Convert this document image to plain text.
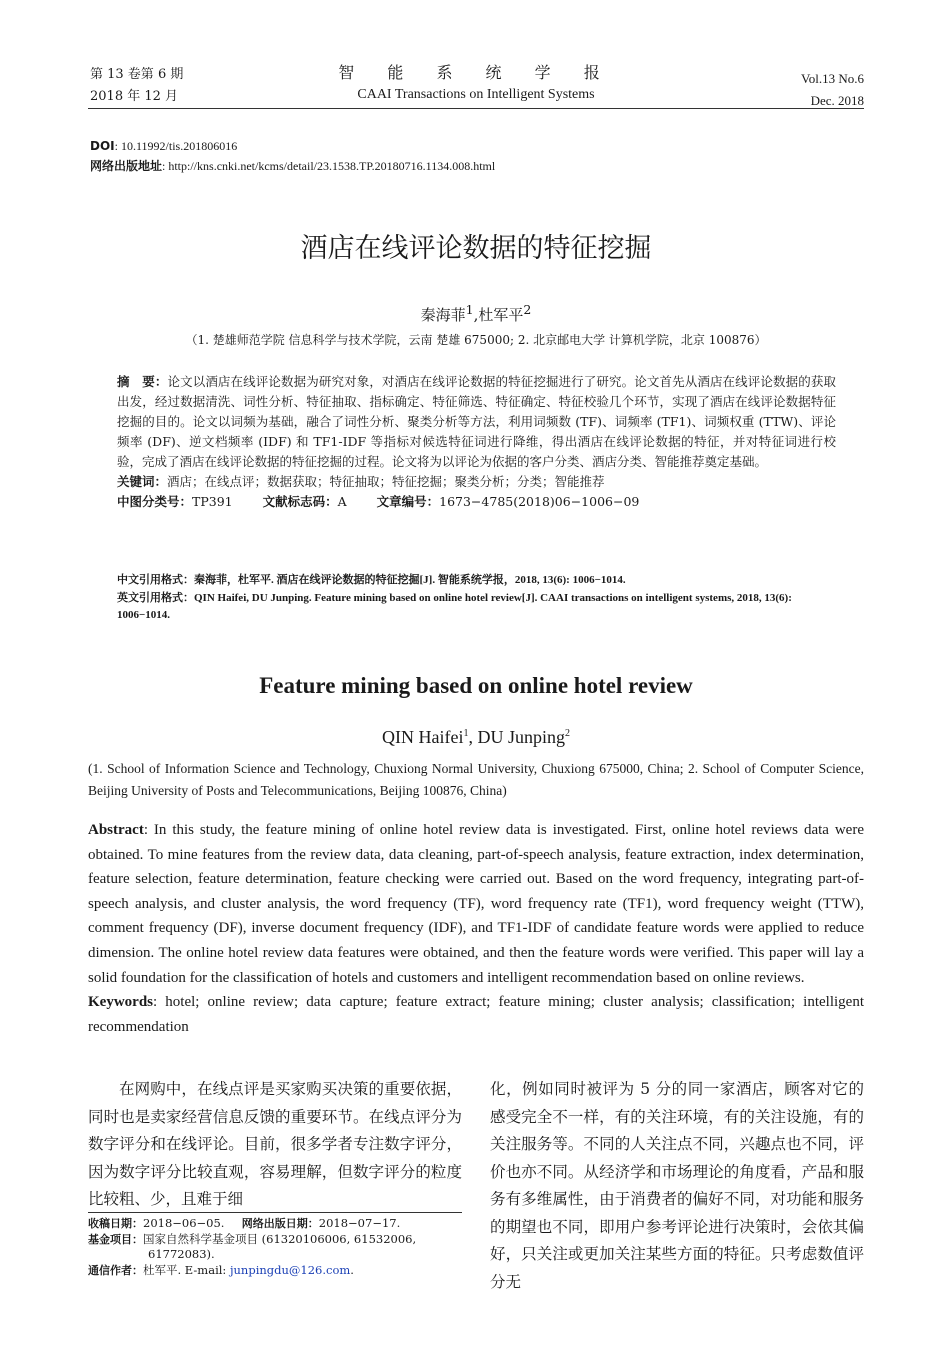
第 13 卷第 6 期
2018 年 12 月
智 能 系 统 学 报
CAAI Transactions on Intelligent Systems
Vol.13 No.6
Dec. 2018
DOI: 10.11992/tis.201806016
网络出版地址: http://kns.cnki.net/kcms/detail/23.1538.TP.20180716.1134.008.html
酒店在线评论数据的特征挖掘
秦海菲$^1$,杜军平$^2$
（1. 楚雄师范学院 信息科学与技术学院，云南 楚雄 675000; 2. 北京邮电大学 计算机学院，北京 100876）
摘　要：论文以酒店在线评论数据为研究对象，对酒店在线评论数据的特征挖掘进行了研究。论文首先从酒店在线评论数据的获取出发，经过数据清洗、词性分析、特征抽取、指标确定、特征筛选、特征确定、特征校验几个环节，实现了酒店在线评论数据特征挖掘的目的。论文以词频为基础，融合了词性分析、聚类分析等方法，利用词频数 (TF)、词频率 (TF1)、词频权重 (TTW)、评论频率 (DF)、逆文档频率 (IDF) 和 TF1-IDF 等指标对候选特征词进行降维，得出酒店在线评论数据的特征，并对特征词进行校验，完成了酒店在线评论数据的特征挖掘的过程。论文将为以评论为依据的客户分类、酒店分类、智能推荐奠定基础。
关键词：酒店；在线点评；数据获取；特征抽取；特征挖掘；聚类分析；分类；智能推荐
中图分类号：TP391 文献标志码：A 文章编号：1673−4785(2018)06−1006−09
中文引用格式：秦海菲，杜军平. 酒店在线评论数据的特征挖掘[J]. 智能系统学报，2018, 13(6): 1006−1014.
英文引用格式：QIN Haifei, DU Junping. Feature mining based on online hotel review[J]. CAAI transactions on intelligent systems, 2018, 13(6): 1006−1014.
Feature mining based on online hotel review
QIN Haifei$^1$, DU Junping$^2$
(1. School of Information Science and Technology, Chuxiong Normal University, Chuxiong 675000, China; 2. School of Computer Science, Beijing University of Posts and Telecommunications, Beijing 100876, China)
Abstract: In this study, the feature mining of online hotel review data is investigated. First, online hotel reviews data were obtained. To mine features from the review data, data cleaning, part-of-speech analysis, feature extraction, index determination, feature selection, feature determination, feature checking were carried out. Based on the word frequency, integrating part-of-speech analysis, and cluster analysis, the word frequency (TF), word frequency rate (TF1), word frequency weight (TTW), comment frequency (DF), inverse document frequency (IDF), and TF1-IDF of candidate feature words were applied to reduce dimension. The online hotel review data features were obtained, and then the feature words were verified. This paper will lay a solid foundation for the classification of hotels and customers and intelligent recommendation based on online reviews.
Keywords: hotel; online review; data capture; feature extract; feature mining; cluster analysis; classification; intelligent recommendation

在网购中，在线点评是买家购买决策的重要依据，同时也是卖家经营信息反馈的重要环节。在线点评分为数字评分和在线评论。目前，很多学者专注数字评分，因为数字评分比较直观，容易理解，但数字评分的粒度比较粗、少，且难于细

化，例如同时被评为 5 分的同一家酒店，顾客对它的感受完全不一样，有的关注环境，有的关注设施，有的关注服务等。不同的人关注点不同，兴趣点也不同，评价也亦不同。从经济学和市场理论的角度看，产品和服务有多维属性，由于消费者的偏好不同，对功能和服务的期望也不同，即用户参考评论进行决策时，会依其偏好，只关注或更加关注某些方面的特征。只考虑数值评分无

收稿日期：2018−06−05. 网络出版日期：2018−07−17.
基金项目：国家自然科学基金项目 (61320106006, 61532006, 61772083).
通信作者：杜军平. E-mail: junpingdu@126.com.
